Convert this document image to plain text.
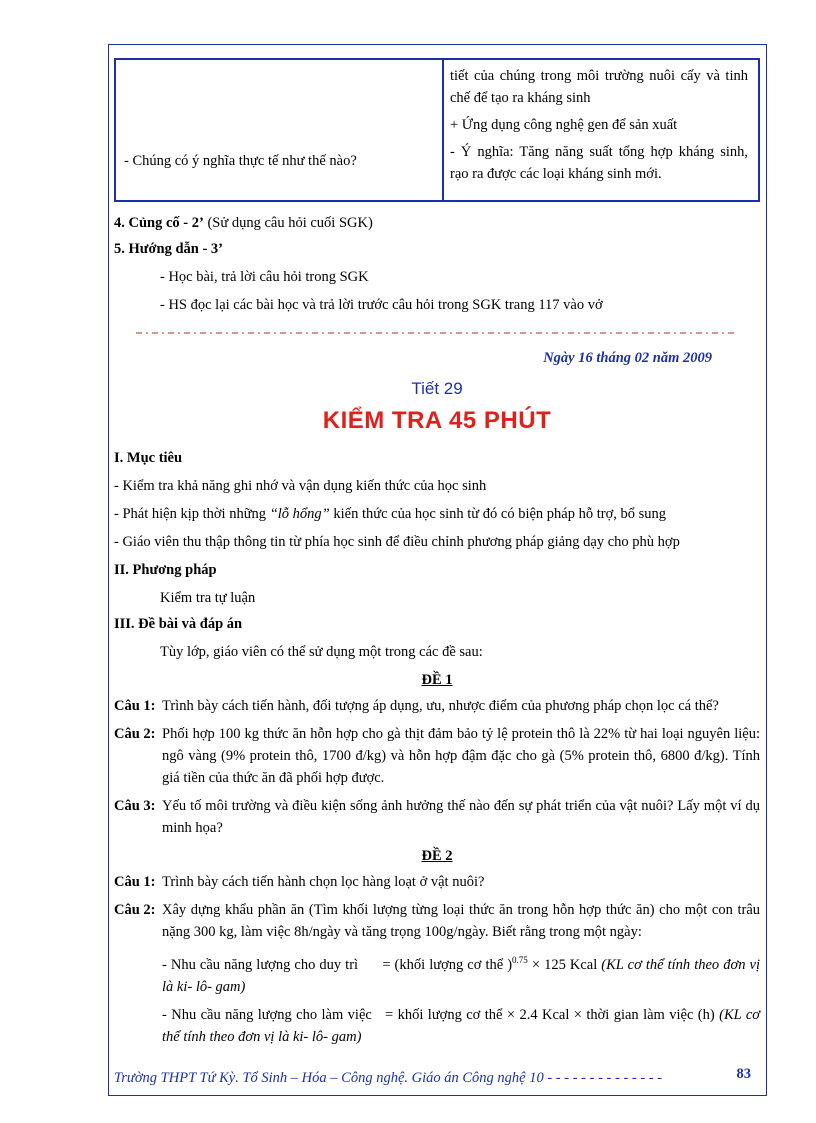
- Chúng có ý nghĩa thực tế như thế nào?

tiết của chúng trong môi trường nuôi cấy và tinh chế để tạo ra kháng sinh

+ Ứng dụng công nghệ gen để sản xuất

- Ý nghĩa: Tăng năng suất tổng hợp kháng sinh, rạo ra được các loại kháng sinh mới.

4. Củng cố - 2’ (Sử dụng câu hỏi cuối SGK)

5. Hướng dẫn - 3’

- Học bài, trả lời câu hỏi trong SGK

- HS đọc lại các bài học và trả lời trước câu hỏi trong SGK trang 117 vào vở

Ngày 16 tháng 02 năm 2009

Tiết 29

KIỂM TRA 45 PHÚT

I. Mục tiêu

- Kiểm tra khả năng ghi nhớ và vận dụng kiến thức của học sinh

- Phát hiện kịp thời những “lỗ hổng” kiến thức của học sinh từ đó có biện pháp hỗ trợ, bổ sung

- Giáo viên thu thập thông tin từ phía học sinh để điều chỉnh phương pháp giảng dạy cho phù hợp

II. Phương pháp

Kiểm tra tự luận

III. Đề bài và đáp án

Tùy lớp, giáo viên có thể sử dụng một trong các đề sau:

ĐỀ 1

Câu 1: Trình bày cách tiến hành, đối tượng áp dụng, ưu, nhược điểm của phương pháp chọn lọc cá thể?
Câu 2: Phối hợp 100 kg thức ăn hỗn hợp cho gà thịt đảm bảo tỷ lệ protein thô là 22% từ hai loại nguyên liệu: ngô vàng (9% protein thô, 1700 đ/kg) và hỗn hợp đậm đặc cho gà (5% protein thô, 6800 đ/kg). Tính giá tiền của thức ăn đã phối hợp được.
Câu 3: Yếu tố môi trường và điều kiện sống ảnh hưởng thế nào đến sự phát triển của vật nuôi? Lấy một ví dụ minh họa?

ĐỀ 2

Câu 1: Trình bày cách tiến hành chọn lọc hàng loạt ở vật nuôi?
Câu 2: Xây dựng khẩu phần ăn (Tìm khối lượng từng loại thức ăn trong hỗn hợp thức ăn) cho một con trâu nặng 300 kg, làm việc 8h/ngày và tăng trọng 100g/ngày. Biết rằng trong một ngày:

- Nhu cầu năng lượng cho duy trì      = (khối lượng cơ thể )$^{0.75}$ × 125 Kcal (KL cơ thể tính theo đơn vị là ki- lô- gam)

- Nhu cầu năng lượng cho làm việc   = khối lượng cơ thể × 2.4 Kcal × thời gian làm việc (h) (KL cơ thể tính theo đơn vị là ki- lô- gam)

Trường THPT Tứ Kỳ. Tổ Sinh – Hóa – Công nghệ. Giáo án Công nghệ 10 - - - - - - - - - - - - - -	83
